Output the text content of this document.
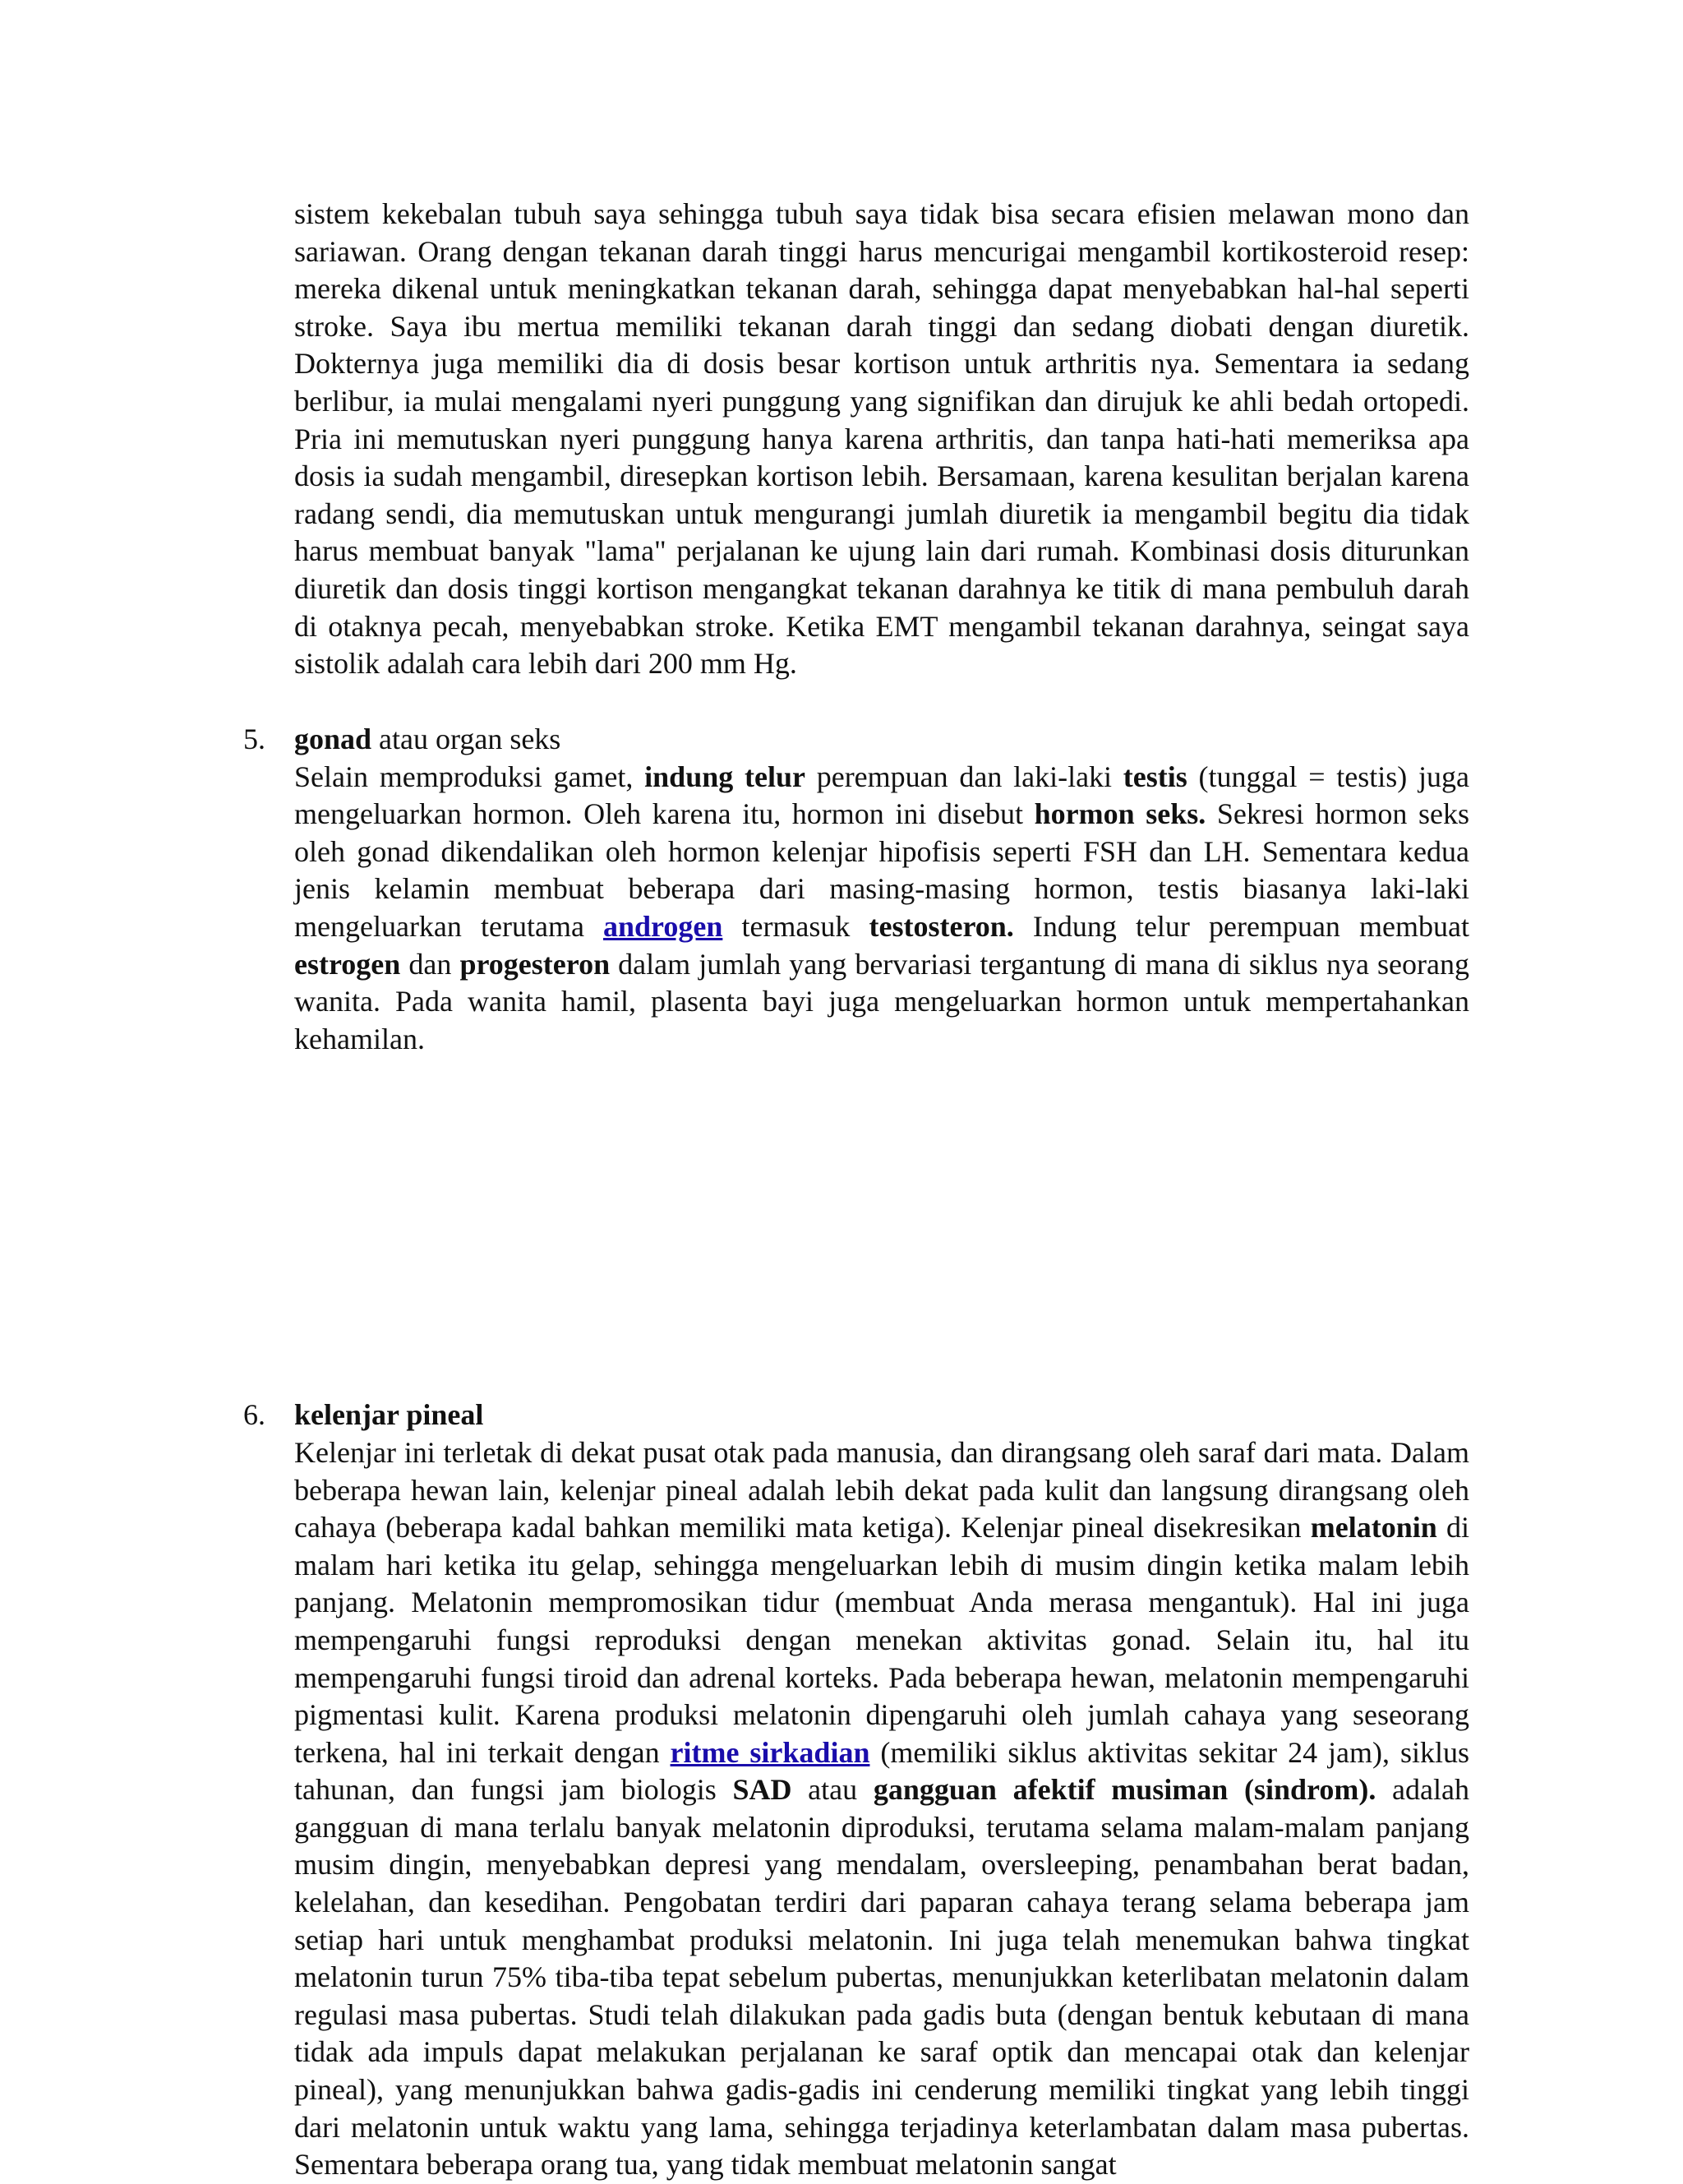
sistem kekebalan tubuh saya sehingga tubuh saya tidak bisa secara efisien melawan mono dan sariawan. Orang dengan tekanan darah tinggi harus mencurigai mengambil kortikosteroid resep: mereka dikenal untuk meningkatkan tekanan darah, sehingga dapat menyebabkan hal-hal seperti stroke. Saya ibu mertua memiliki tekanan darah tinggi dan sedang diobati dengan diuretik. Dokternya juga memiliki dia di dosis besar kortison untuk arthritis nya. Sementara ia sedang berlibur, ia mulai mengalami nyeri punggung yang signifikan dan dirujuk ke ahli bedah ortopedi. Pria ini memutuskan nyeri punggung hanya karena arthritis, dan tanpa hati-hati memeriksa apa dosis ia sudah mengambil, diresepkan kortison lebih. Bersamaan, karena kesulitan berjalan karena radang sendi, dia memutuskan untuk mengurangi jumlah diuretik ia mengambil begitu dia tidak harus membuat banyak "lama" perjalanan ke ujung lain dari rumah. Kombinasi dosis diturunkan diuretik dan dosis tinggi kortison mengangkat tekanan darahnya ke titik di mana pembuluh darah di otaknya pecah, menyebabkan stroke. Ketika EMT mengambil tekanan darahnya, seingat saya sistolik adalah cara lebih dari 200 mm Hg.

5. gonad atau organ seks

Selain memproduksi gamet, indung telur perempuan dan laki-laki testis (tunggal = testis) juga mengeluarkan hormon. Oleh karena itu, hormon ini disebut hormon seks. Sekresi hormon seks oleh gonad dikendalikan oleh hormon kelenjar hipofisis seperti FSH dan LH. Sementara kedua jenis kelamin membuat beberapa dari masing-masing hormon, testis biasanya laki-laki mengeluarkan terutama androgen termasuk testosteron. Indung telur perempuan membuat estrogen dan progesteron dalam jumlah yang bervariasi tergantung di mana di siklus nya seorang wanita. Pada wanita hamil, plasenta bayi juga mengeluarkan hormon untuk mempertahankan kehamilan.

6. kelenjar pineal

Kelenjar ini terletak di dekat pusat otak pada manusia, dan dirangsang oleh saraf dari mata. Dalam beberapa hewan lain, kelenjar pineal adalah lebih dekat pada kulit dan langsung dirangsang oleh cahaya (beberapa kadal bahkan memiliki mata ketiga). Kelenjar pineal disekresikan melatonin di malam hari ketika itu gelap, sehingga mengeluarkan lebih di musim dingin ketika malam lebih panjang. Melatonin mempromosikan tidur (membuat Anda merasa mengantuk). Hal ini juga mempengaruhi fungsi reproduksi dengan menekan aktivitas gonad. Selain itu, hal itu mempengaruhi fungsi tiroid dan adrenal korteks. Pada beberapa hewan, melatonin mempengaruhi pigmentasi kulit. Karena produksi melatonin dipengaruhi oleh jumlah cahaya yang seseorang terkena, hal ini terkait dengan ritme sirkadian (memiliki siklus aktivitas sekitar 24 jam), siklus tahunan, dan fungsi jam biologis SAD atau gangguan afektif musiman (sindrom). adalah gangguan di mana terlalu banyak melatonin diproduksi, terutama selama malam-malam panjang musim dingin, menyebabkan depresi yang mendalam, oversleeping, penambahan berat badan, kelelahan, dan kesedihan. Pengobatan terdiri dari paparan cahaya terang selama beberapa jam setiap hari untuk menghambat produksi melatonin. Ini juga telah menemukan bahwa tingkat melatonin turun 75% tiba-tiba tepat sebelum pubertas, menunjukkan keterlibatan melatonin dalam regulasi masa pubertas. Studi telah dilakukan pada gadis buta (dengan bentuk kebutaan di mana tidak ada impuls dapat melakukan perjalanan ke saraf optik dan mencapai otak dan kelenjar pineal), yang menunjukkan bahwa gadis-gadis ini cenderung memiliki tingkat yang lebih tinggi dari melatonin untuk waktu yang lama, sehingga terjadinya keterlambatan dalam masa pubertas. Sementara beberapa orang tua, yang tidak membuat melatonin sangat
